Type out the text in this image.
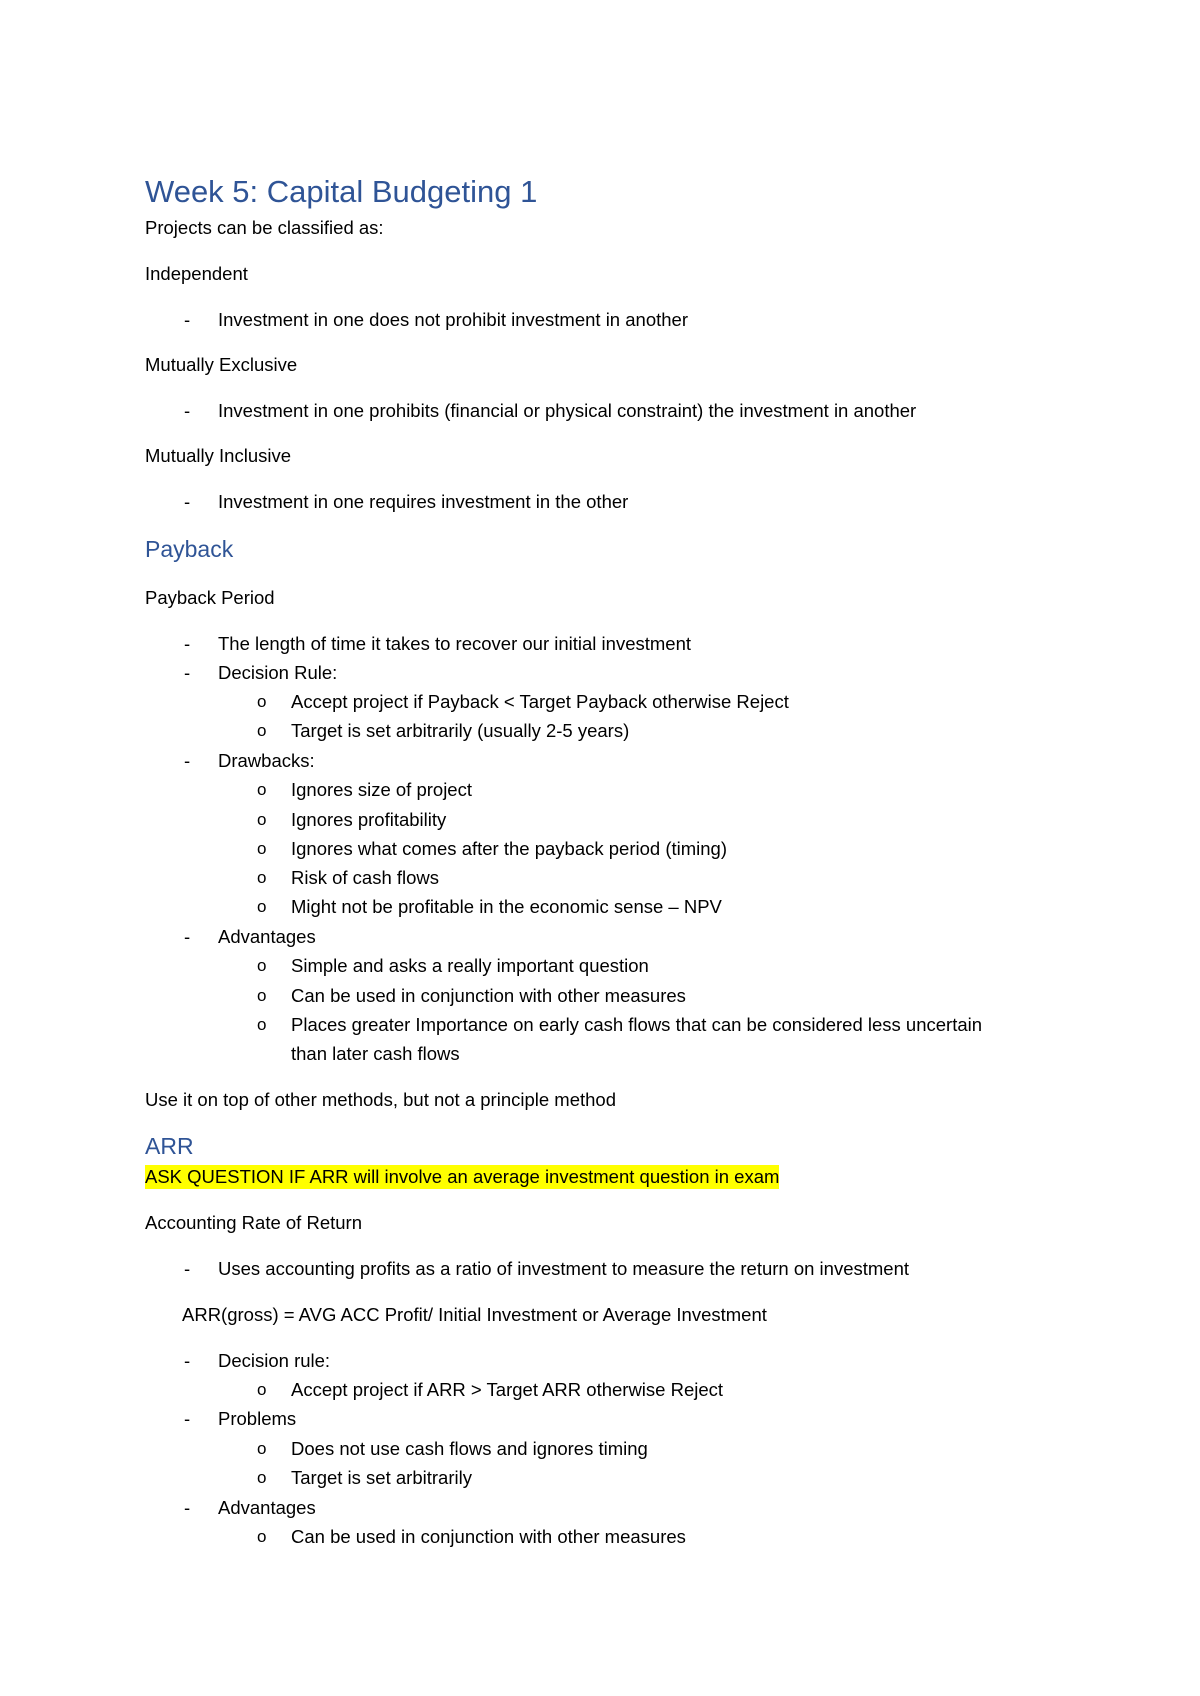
Week 5: Capital Budgeting 1
Projects can be classified as:
Independent
- Investment in one does not prohibit investment in another
Mutually Exclusive
- Investment in one prohibits (financial or physical constraint) the investment in another
Mutually Inclusive
- Investment in one requires investment in the other
Payback
Payback Period
- The length of time it takes to recover our initial investment
- Decision Rule:
o Accept project if Payback < Target Payback otherwise Reject
o Target is set arbitrarily (usually 2-5 years)
- Drawbacks:
o Ignores size of project
o Ignores profitability
o Ignores what comes after the payback period (timing)
o Risk of cash flows
o Might not be profitable in the economic sense – NPV
- Advantages
o Simple and asks a really important question
o Can be used in conjunction with other measures
o Places greater Importance on early cash flows that can be considered less uncertain
than later cash flows
Use it on top of other methods, but not a principle method
ARR
ASK QUESTION IF ARR will involve an average investment question in exam
Accounting Rate of Return
- Uses accounting profits as a ratio of investment to measure the return on investment
ARR(gross) = AVG ACC Profit/ Initial Investment or Average Investment
- Decision rule:
o Accept project if ARR > Target ARR otherwise Reject
- Problems
o Does not use cash flows and ignores timing
o Target is set arbitrarily
- Advantages
o Can be used in conjunction with other measures
